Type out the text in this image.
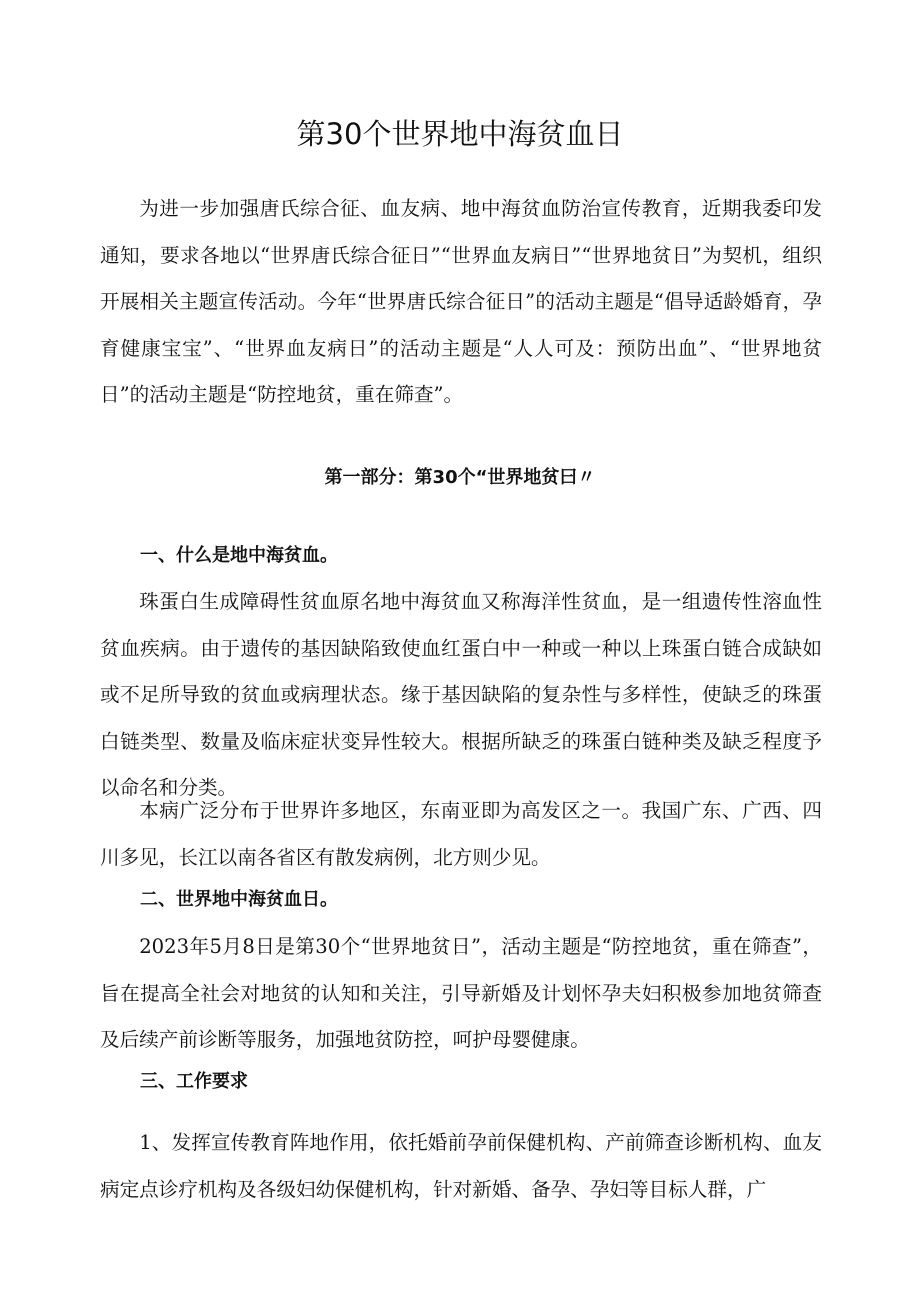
第30个世界地中海贫血日

为进一步加强唐氏综合征、血友病、地中海贫血防治宣传教育，近期我委印发通知，要求各地以“世界唐氏综合征日”“世界血友病日”“世界地贫日”为契机，组织开展相关主题宣传活动。今年“世界唐氏综合征日”的活动主题是“倡导适龄婚育，孕育健康宝宝”、“世界血友病日”的活动主题是“人人可及：预防出血”、“世界地贫日”的活动主题是“防控地贫，重在筛查”。

第一部分：第30个“世界地贫曰〃
一、什么是地中海贫血。

珠蛋白生成障碍性贫血原名地中海贫血又称海洋性贫血，是一组遗传性溶血性贫血疾病。由于遗传的基因缺陷致使血红蛋白中一种或一种以上珠蛋白链合成缺如或不足所导致的贫血或病理状态。缘于基因缺陷的复杂性与多样性，使缺乏的珠蛋白链类型、数量及临床症状变异性较大。根据所缺乏的珠蛋白链种类及缺乏程度予以命名和分类。

本病广泛分布于世界许多地区，东南亚即为高发区之一。我国广东、广西、四川多见，长江以南各省区有散发病例，北方则少见。

二、世界地中海贫血日。

2023年5月8日是第30个“世界地贫日”，活动主题是“防控地贫，重在筛查”，旨在提高全社会对地贫的认知和关注，引导新婚及计划怀孕夫妇积极参加地贫筛查及后续产前诊断等服务，加强地贫防控，呵护母婴健康。

三、工作要求

1、发挥宣传教育阵地作用，依托婚前孕前保健机构、产前筛查诊断机构、血友病定点诊疗机构及各级妇幼保健机构，针对新婚、备孕、孕妇等目标人群，广
